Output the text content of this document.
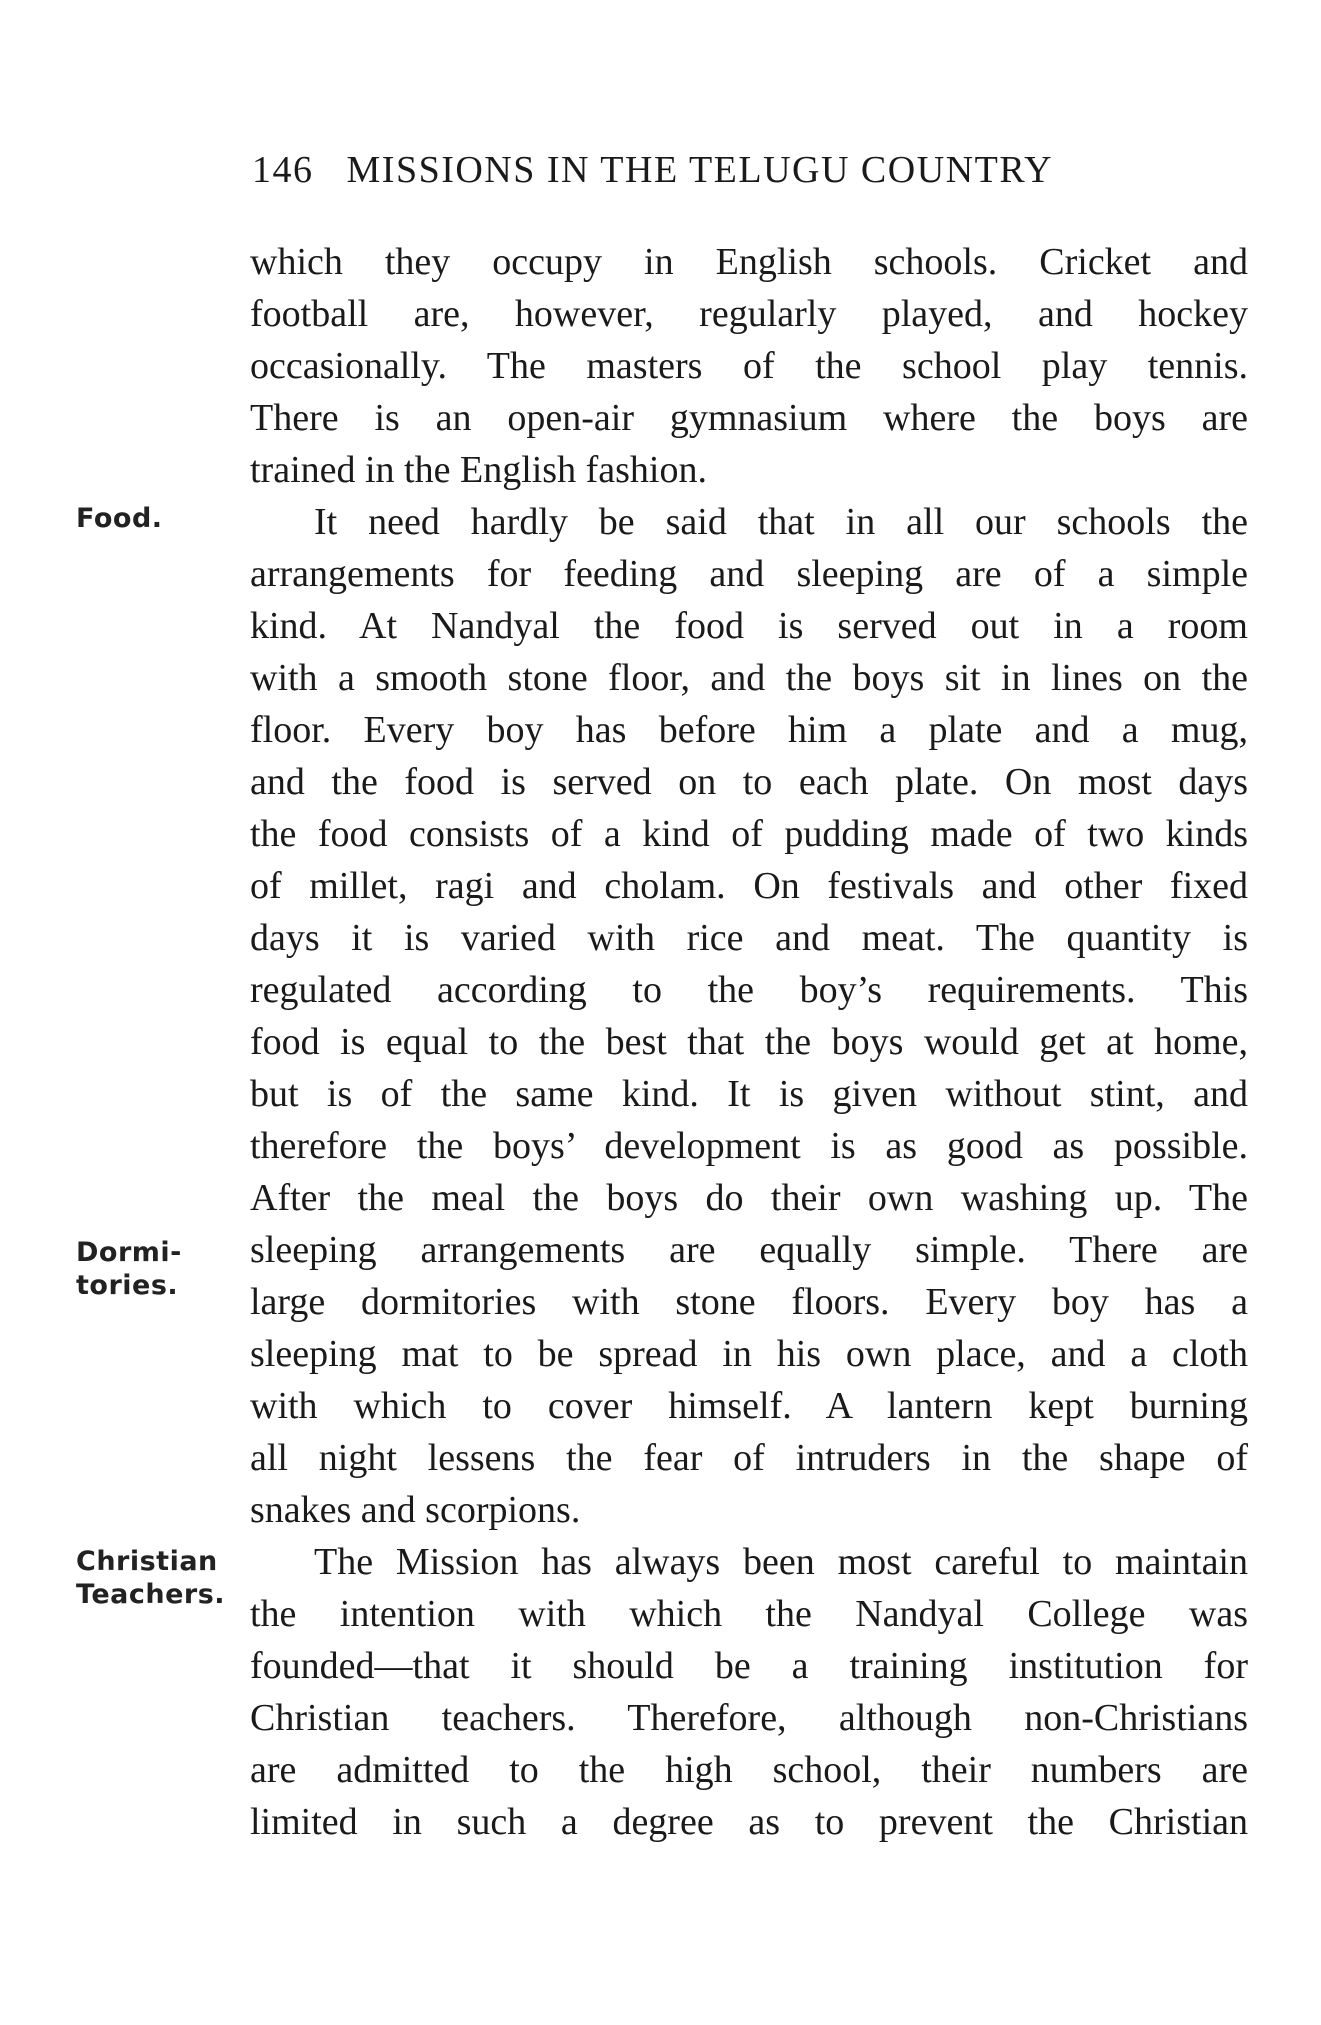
146 MISSIONS IN THE TELUGU COUNTRY
Food.
Dormi-
tories.
Christian
Teachers.
which they occupy in English schools. Cricket and
football are, however, regularly played, and hockey
occasionally. The masters of the school play tennis.
There is an open-air gymnasium where the boys are
trained in the English fashion.
It need hardly be said that in all our schools the
arrangements for feeding and sleeping are of a simple
kind. At Nandyal the food is served out in a room
with a smooth stone floor, and the boys sit in lines on the
floor. Every boy has before him a plate and a mug,
and the food is served on to each plate. On most days
the food consists of a kind of pudding made of two kinds
of millet, ragi and cholam. On festivals and other fixed
days it is varied with rice and meat. The quantity is
regulated according to the boy’s requirements. This
food is equal to the best that the boys would get at home,
but is of the same kind. It is given without stint, and
therefore the boys’ development is as good as possible.
After the meal the boys do their own washing up. The
sleeping arrangements are equally simple. There are
large dormitories with stone floors. Every boy has a
sleeping mat to be spread in his own place, and a cloth
with which to cover himself. A lantern kept burning
all night lessens the fear of intruders in the shape of
snakes and scorpions.
The Mission has always been most careful to maintain
the intention with which the Nandyal College was
founded—that it should be a training institution for
Christian teachers. Therefore, although non-Christians
are admitted to the high school, their numbers are
limited in such a degree as to prevent the Christian
